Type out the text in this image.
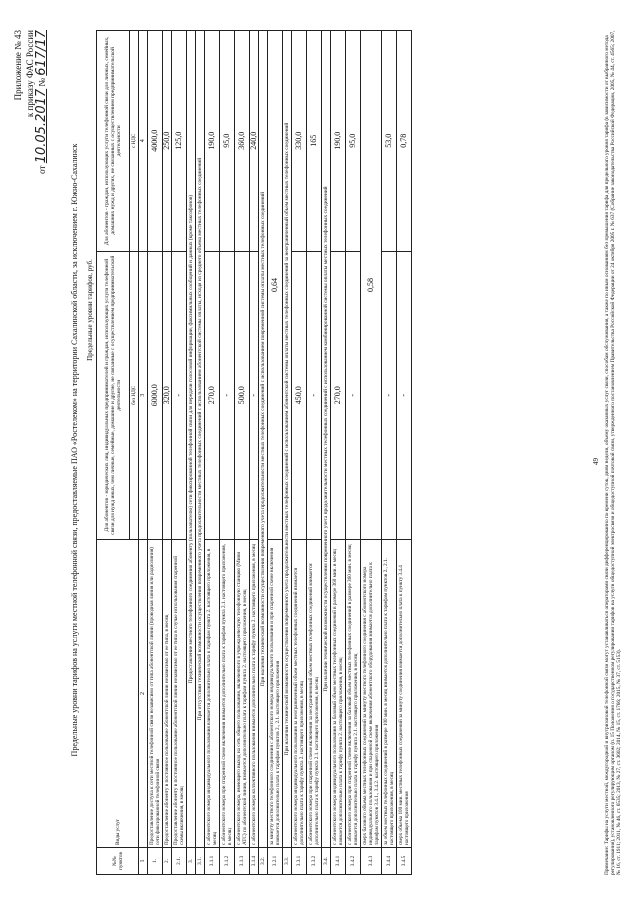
Приложение № 43 к приказу ФАС России
от 10.05.2017 № 617/17
Предельные уровни тарифов на услуги местной телефонной связи, предоставляемые ПАО «Ростелеком» на территории Сахалинской области, за исключением г. Южно-Сахалинск Предельные уровни тарифов, руб.
№№ пунктов	Виды услуг	Для абонентов - юридических лиц, индивидуальных предпринимателей и граждан, использующих услуги телефонной связи для нужд иных, чем личные, семейные, домашние и другие, не связанные с осуществлением предпринимательской деятельности	Для абонентов - граждан, использующих услуги телефонной связи для личных, семейных, домашних нужд и других, не связанных с осуществлением предпринимательской деятельности
		без НДС	с НДС
1	2	3	4
1.	Предоставление доступа к сети местной телефонной связи независимо от типа абонентской линии (проводная линия или радиолиния) сети фиксированной телефонной связи	6000,0	4000,0
2.	Предоставление абоненту в постоянное пользование абонентской линии независимо от ее типа, в месяц	320,0	250,0
2.1.	Предоставление абоненту в постоянное пользование абонентской линии независимо от ее типа в случае использования спаренной схемы включения, в месяц	-	125,0
3.	Предоставление местного телефонного соединения абоненту (пользователю) сети фиксированной телефонной связи для передачи голосовой информации, факсимильных сообщений и данных (кроме таксофонов)		
3.1.	При отсутствии технической возможности осуществления повременного учета продолжительности местных телефонных соединений с использованием абонентской системы оплаты, исходя из среднего объема местных телефонных соединений		
3.1.1	с абонентского номера индивидуального пользования взимается дополнительно плата к тарифам пункта 2. настоящего приложения, в месяц	270,0	190,0
3.1.2	с абонентского номера при спаренной схеме включения взимается дополнительно плата к тарифам пункта 2.1. настоящего приложения, в месяц	-	95,0
3.1.3	с абонентского номера, имеющего выход на сеть общего пользования, включенного в учрежденческую телефонную станцию (Мини АТС) по абонентской линии, взимается дополнительно плата к тарифам пункта 2. настоящего приложения, в месяц	500,0	360,0
3.1.4	с абонентского номера коллективного пользования взимается дополнительно плата к тарифу пункта 2. настоящего приложения, в месяц	-	240,0
3.2.	При наличии технической возможности осуществления повременного учета продолжительности местных телефонных соединений с использованием повременной системы оплаты местных телефонных соединений		
3.2.1	за минуту местного телефонного соединения с абонентского номера индивидуального пользования и при спаренной схеме включения взимается дополнительно плата к тарифам пунктов 2., 2.1. настоящего приложения	0,64	
3.3.	При наличии технической возможности осуществления повременного учета продолжительности местных телефонных соединений с использованием абонентской системы оплаты местных телефонных соединений за неограниченный объем местных телефонных соединений		
3.3.1	с абонентского номера индивидуального пользования за неограниченный объем местных телефонных соединений взимается дополнительно плата к тарифу пункта 2. настоящего приложения, в месяц	450,0	330,0
3.3.2	с абонентского номера при спаренной схеме включения за неограниченный объем местных телефонных соединений взимается дополнительно плата к тарифу пункта 2.1. настоящего приложения, в месяц	-	165
3.4.	При наличии технической возможности осуществления повременного учета продолжительности местных телефонных соединений с использованием комбинированной системы оплаты местных телефонных соединений		
3.4.1	с абонентского номера индивидуального пользования за базовый объем местных телефонных соединений в размере 360 мин. в месяц взимается дополнительно плата к тарифу пункта 2. настоящего приложения, в месяц	270,0	190,0
3.4.2	с абонентского номера при спаренной схеме включения за базовый объем местных телефонных соединений в размере 360 мин. в месяц взимается дополнительно плата к тарифу пункта 2.1. настоящего приложения, в месяц	-	95,0
3.4.3	сверх базового объема местных телефонных соединений за минуту местного телефонного соединения с абонентского номера индивидуального пользования и при спаренной схеме включения абонентского оборудования взимается дополнительно плата к тарифам пунктов 3.4.1., 3.4.2. настоящего приложения	0,58	
3.4.4	за объем местных телефонных соединений в размере 100 мин. в месяц взимается дополнительно плата к тарифам пунктов 2., 2.1. настоящего приложения, в месяц	-	53,0
3.4.5	сверх объема 100 мин. местных телефонных соединений за минуту соединения взимается дополнительно плата к пункту 3.4.4 настоящего приложения	-	0,78
49
Примечание: Тарифы на услуги местной, междугородной и внутризоновой телефонной связи могут устанавливаться операторами связи дифференцированно по времени суток, дням недели, объему оказанных услуг связи, способам обслуживания, а также по иным основаниям без превышения тарифа для предельного уровня тарифа (в зависимости от выбранного метода регулирования), установленного регулирующим органом (п. 15 Положения о государственном регулировании тарифов на услуги общедоступной электросвязи и общедоступной почтовой связи, утвержденного постановлением Правительства Российской Федерации от 24 октября 2005 г. № 637 (Собрание законодательства Российской Федерации, 2005, № 44, ст. 4565; 2007, № 16, ст. 1911; 2011, № 46, ст. 6535; 2013, № 27, ст. 3602; 2014, № 15, ст. 1766; 2015, № 37, ст. 5153).
